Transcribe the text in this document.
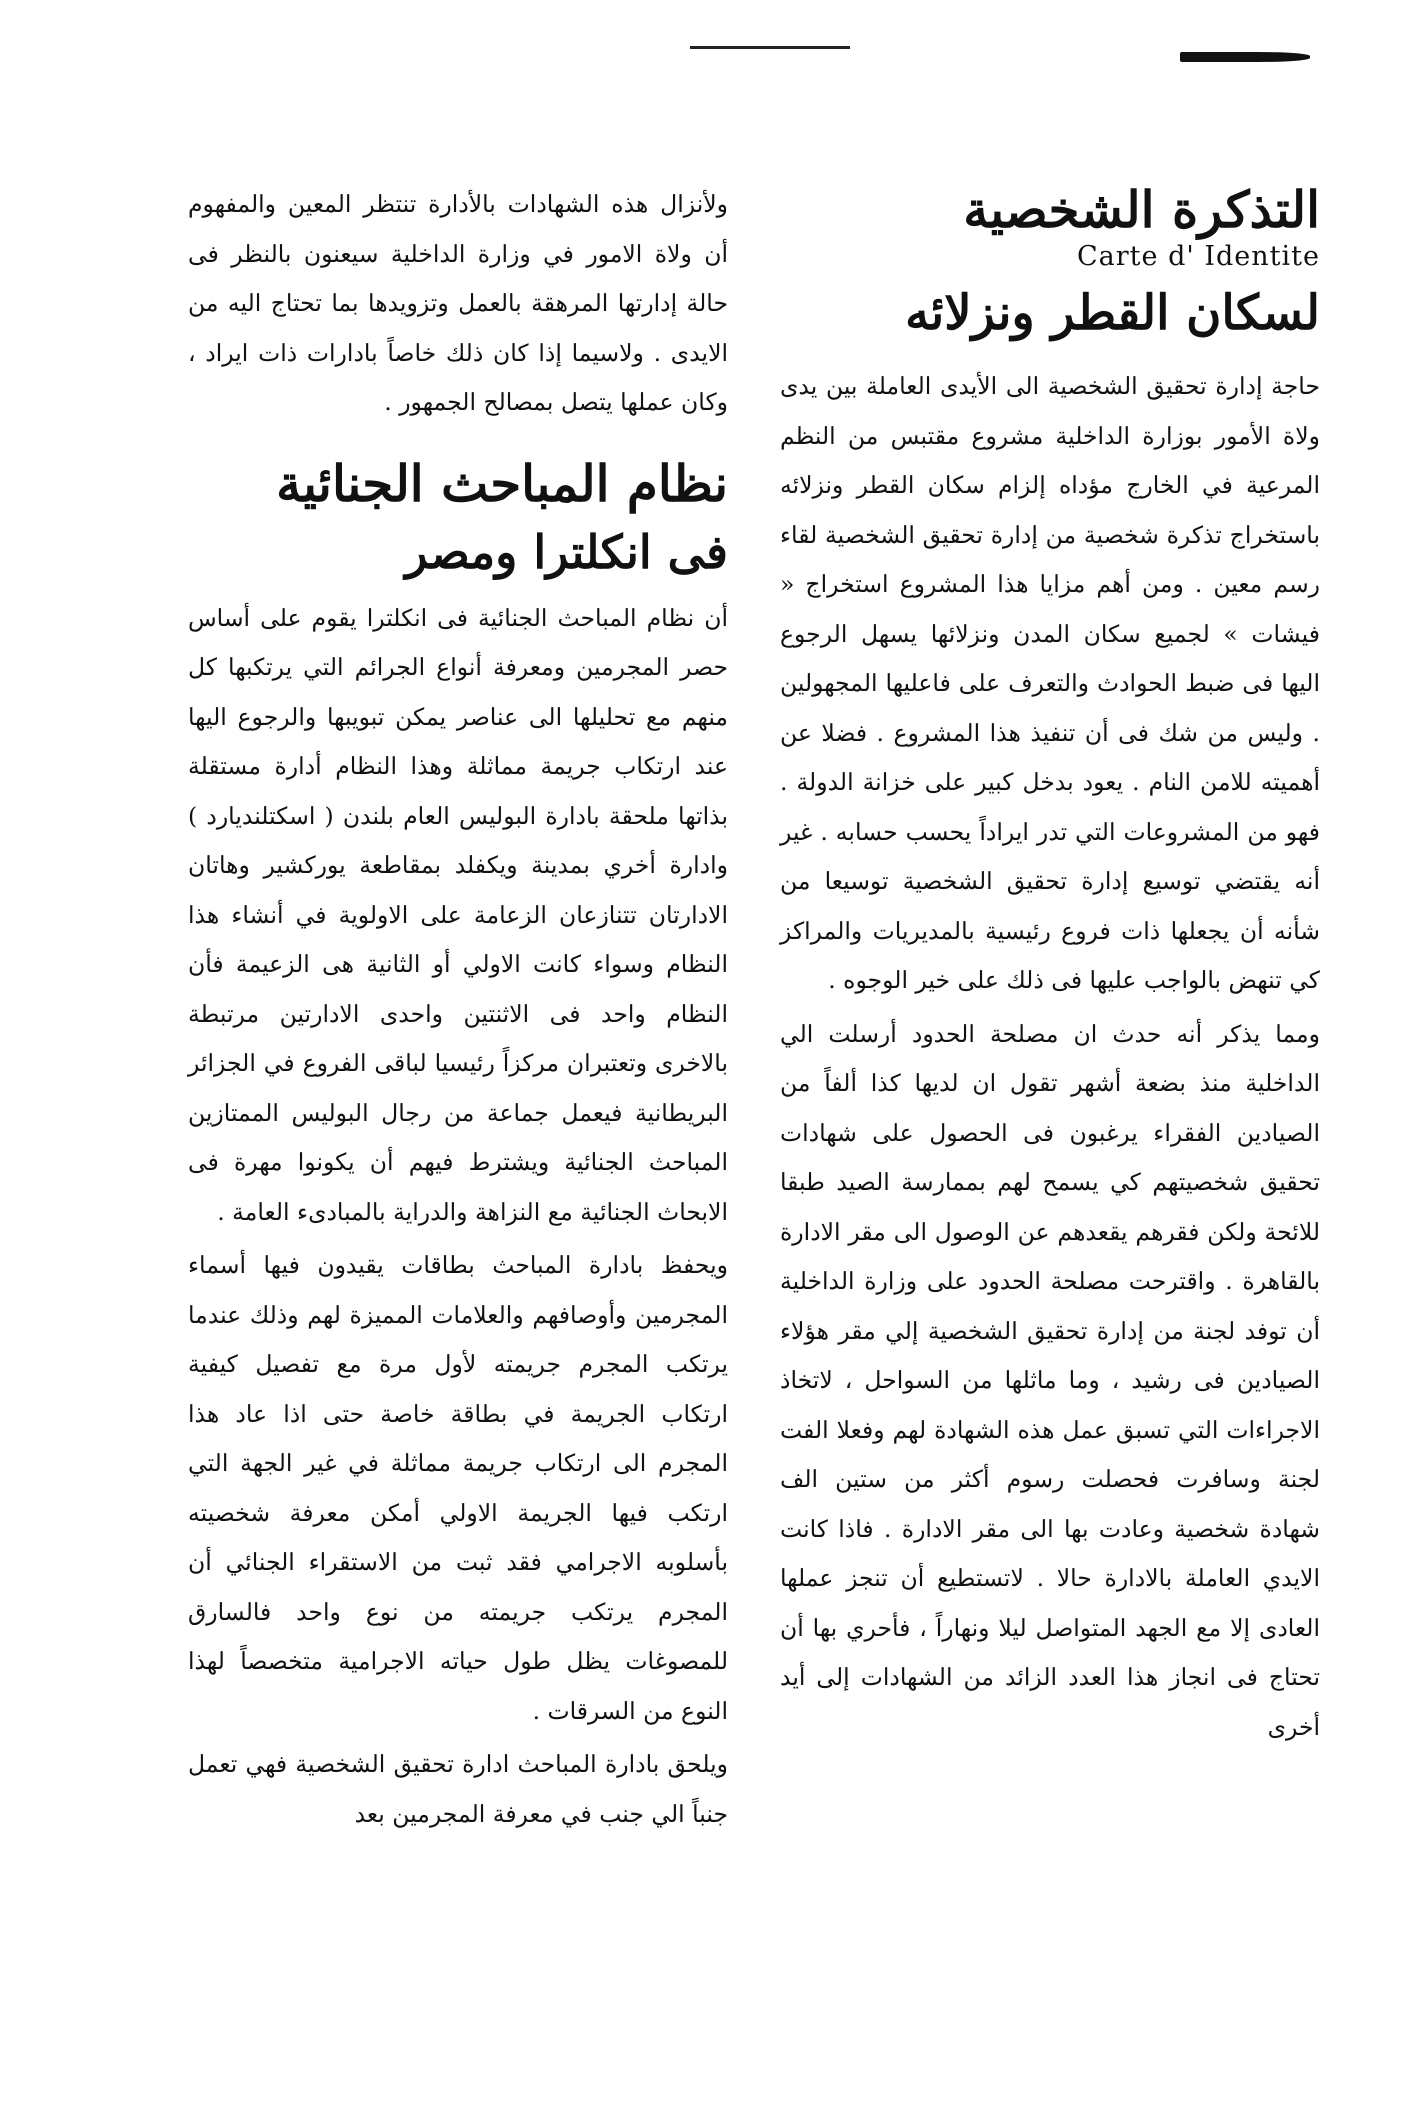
التذكرة الشخصية
Carte d' Identite
لسكان القطر ونزلائه

حاجة إدارة تحقيق الشخصية الى الأيدى العاملة بين يدى ولاة الأمور بوزارة الداخلية مشروع مقتبس من النظم المرعية في الخارج مؤداه إلزام سكان القطر ونزلائه باستخراج تذكرة شخصية من إدارة تحقيق الشخصية لقاء رسم معين . ومن أهم مزايا هذا المشروع استخراج « فيشات » لجميع سكان المدن ونزلائها يسهل الرجوع اليها فى ضبط الحوادث والتعرف على فاعليها المجهولين . وليس من شك فى أن تنفيذ هذا المشروع . فضلا عن أهميته للامن النام . يعود بدخل كبير على خزانة الدولة . فهو من المشروعات التي تدر ايراداً يحسب حسابه . غير أنه يقتضي توسيع إدارة تحقيق الشخصية توسيعا من شأنه أن يجعلها ذات فروع رئيسية بالمديريات والمراكز كي تنهض بالواجب عليها فى ذلك على خير الوجوه .

ومما يذكر أنه حدث ان مصلحة الحدود أرسلت الي الداخلية منذ بضعة أشهر تقول ان لديها كذا ألفاً من الصيادين الفقراء يرغبون فى الحصول على شهادات تحقيق شخصيتهم كي يسمح لهم بممارسة الصيد طبقا للائحة ولكن فقرهم يقعدهم عن الوصول الى مقر الادارة بالقاهرة . واقترحت مصلحة الحدود على وزارة الداخلية أن توفد لجنة من إدارة تحقيق الشخصية إلي مقر هؤلاء الصيادين فى رشيد ، وما ماثلها من السواحل ، لاتخاذ الاجراءات التي تسبق عمل هذه الشهادة لهم وفعلا الفت لجنة وسافرت فحصلت رسوم أكثر من ستين الف شهادة شخصية وعادت بها الى مقر الادارة . فاذا كانت الايدي العاملة بالادارة حالا . لاتستطيع أن تنجز عملها العادى إلا مع الجهد المتواصل ليلا ونهاراً ، فأحري بها أن تحتاج فى انجاز هذا العدد الزائد من الشهادات إلى أيد أخرى

ولأنزال هذه الشهادات بالأدارة تنتظر المعين والمفهوم أن ولاة الامور في وزارة الداخلية سيعنون بالنظر فى حالة إدارتها المرهقة بالعمل وتزويدها بما تحتاج اليه من الايدى . ولاسيما إذا كان ذلك خاصاً بادارات ذات ايراد ، وكان عملها يتصل بمصالح الجمهور .

نظام المباحث الجنائية
فى انكلترا ومصر

أن نظام المباحث الجنائية فى انكلترا يقوم على أساس حصر المجرمين ومعرفة أنواع الجرائم التي يرتكبها كل منهم مع تحليلها الى عناصر يمكن تبويبها والرجوع اليها عند ارتكاب جريمة مماثلة وهذا النظام أدارة مستقلة بذاتها ملحقة بادارة البوليس العام بلندن ( اسكتلنديارد ) وادارة أخري بمدينة ويكفلد بمقاطعة يوركشير وهاتان الادارتان تتنازعان الزعامة على الاولوية في أنشاء هذا النظام وسواء كانت الاولي أو الثانية هى الزعيمة فأن النظام واحد فى الاثنتين واحدى الادارتين مرتبطة بالاخرى وتعتبران مركزاً رئيسيا لباقى الفروع في الجزائر البريطانية فيعمل جماعة من رجال البوليس الممتازين المباحث الجنائية ويشترط فيهم أن يكونوا مهرة فى الابحاث الجنائية مع النزاهة والدراية بالمبادىء العامة .

ويحفظ بادارة المباحث بطاقات يقيدون فيها أسماء المجرمين وأوصافهم والعلامات المميزة لهم وذلك عندما يرتكب المجرم جريمته لأول مرة مع تفصيل كيفية ارتكاب الجريمة في بطاقة خاصة حتى اذا عاد هذا المجرم الى ارتكاب جريمة مماثلة في غير الجهة التي ارتكب فيها الجريمة الاولي أمكن معرفة شخصيته بأسلوبه الاجرامي فقد ثبت من الاستقراء الجنائي أن المجرم يرتكب جريمته من نوع واحد فالسارق للمصوغات يظل طول حياته الاجرامية متخصصاً لهذا النوع من السرقات .

ويلحق بادارة المباحث ادارة تحقيق الشخصية فهي تعمل جنباً الي جنب في معرفة المجرمين بعد
